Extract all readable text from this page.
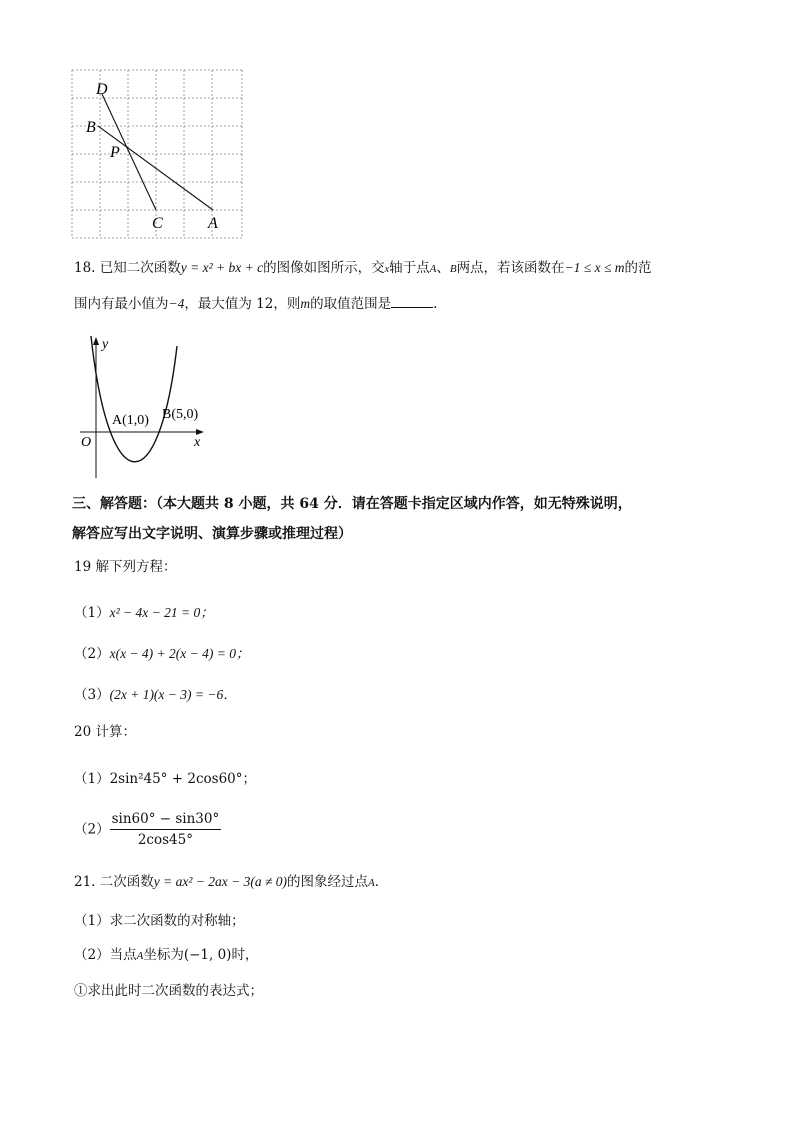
D
B
P
C	A
18. 已知二次函数y = x² + bx + c的图像如图所示，交x轴于点A、B两点，若该函数在−1 ≤ x ≤ m的范
围内有最小值为−4，最大值为 12，则m的取值范围是	.
y
x
O
A(1,0) B(5,0)
三、解答题：（本大题共 8 小题，共 64 分．请在答题卡指定区域内作答，如无特殊说明，
解答应写出文字说明、演算步骤或推理过程）
19 解下列方程：
（1）x² − 4x − 21 = 0；
（2）x(x − 4) + 2(x − 4) = 0；
（3）(2x + 1)(x − 3) = −6．
20 计算：
（1）2sin²45° + 2cos60°；
$(2) \frac{\sin 60^\circ - \sin 30^\circ}{2\cos 45^\circ}$
21. 二次函数y = ax² − 2ax − 3(a ≠ 0)的图象经过点A．
（1）求二次函数的对称轴；
（2）当点A坐标为(−1, 0)时，
①求出此时二次函数的表达式；
